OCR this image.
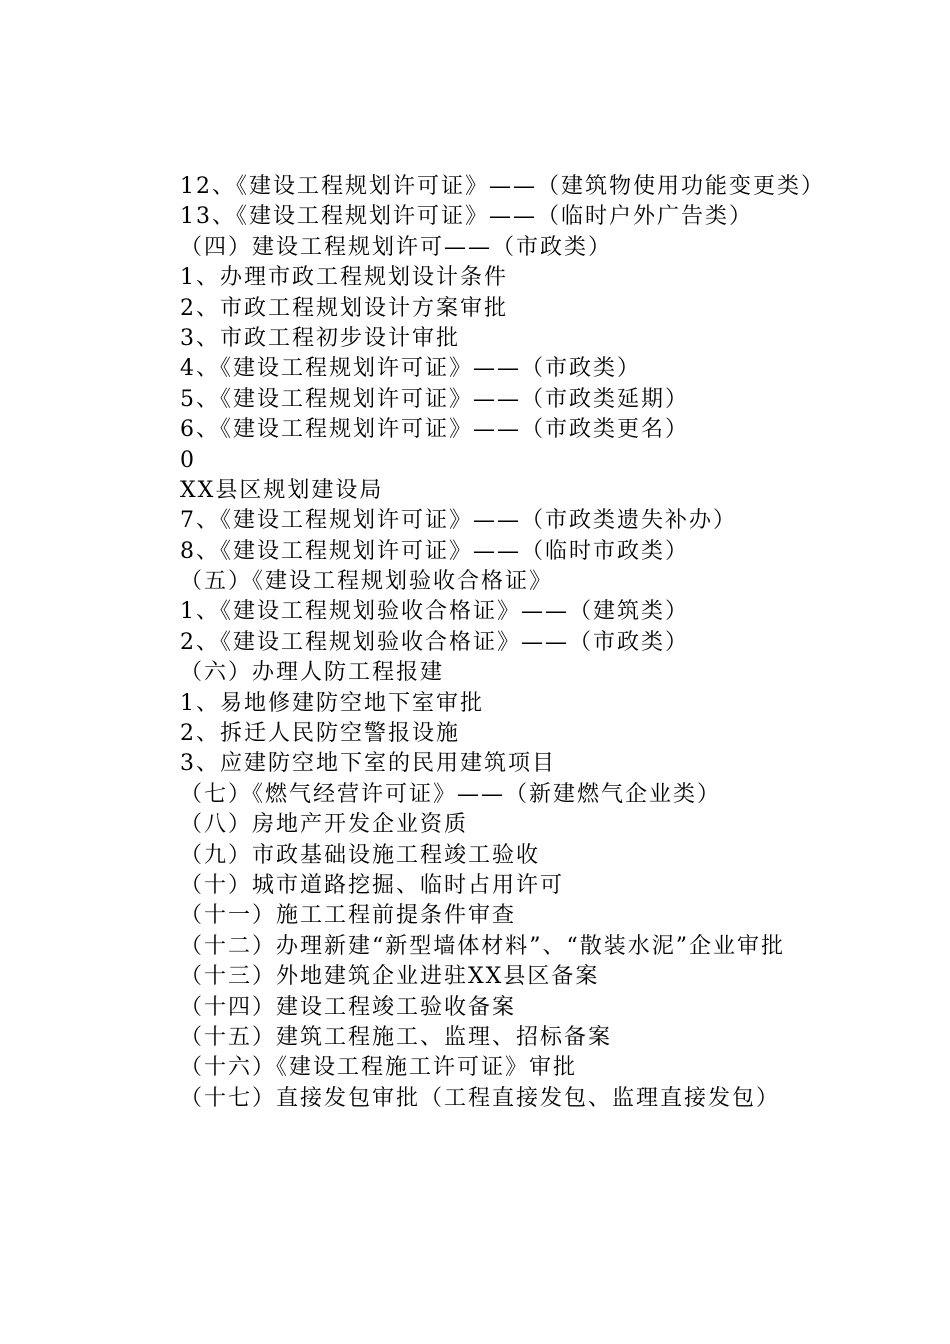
12、《建设工程规划许可证》——（建筑物使用功能变更类）
13、《建设工程规划许可证》——（临时户外广告类）
（四）建设工程规划许可——（市政类）
1、办理市政工程规划设计条件
2、市政工程规划设计方案审批
3、市政工程初步设计审批
4、《建设工程规划许可证》——（市政类）
5、《建设工程规划许可证》——（市政类延期）
6、《建设工程规划许可证》——（市政类更名）
0
XX县区规划建设局
7、《建设工程规划许可证》——（市政类遗失补办）
8、《建设工程规划许可证》——（临时市政类）
（五）《建设工程规划验收合格证》
1、《建设工程规划验收合格证》——（建筑类）
2、《建设工程规划验收合格证》——（市政类）
（六）办理人防工程报建
1、易地修建防空地下室审批
2、拆迁人民防空警报设施
3、应建防空地下室的民用建筑项目
（七）《燃气经营许可证》——（新建燃气企业类）
（八）房地产开发企业资质
（九）市政基础设施工程竣工验收
（十）城市道路挖掘、临时占用许可
（十一）施工工程前提条件审查
（十二）办理新建“新型墙体材料”、“散装水泥”企业审批
（十三）外地建筑企业进驻XX县区备案
（十四）建设工程竣工验收备案
（十五）建筑工程施工、监理、招标备案
（十六）《建设工程施工许可证》审批
（十七）直接发包审批（工程直接发包、监理直接发包）
